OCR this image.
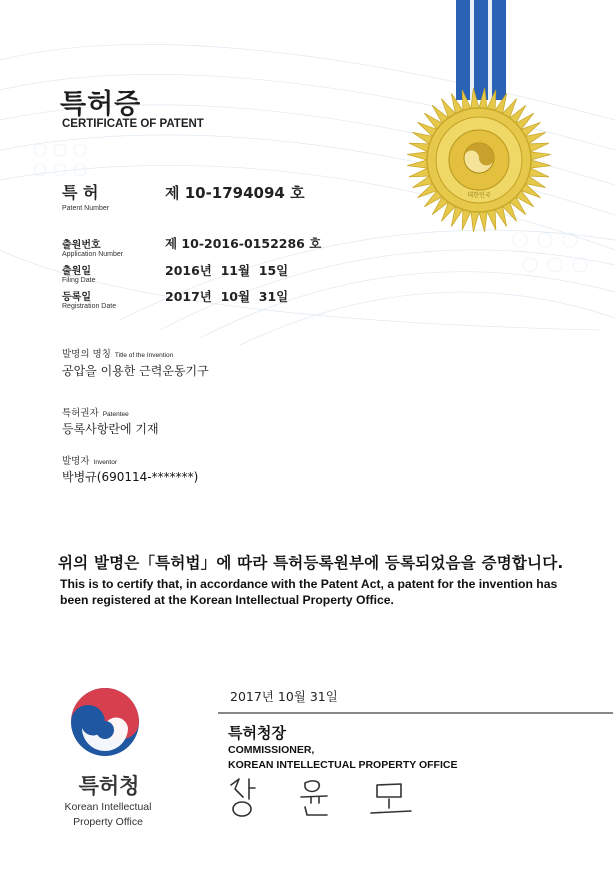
대한민국
특허증
CERTIFICATE OF PATENT
특 허
Patent Number
제 10-1794094 호
출원번호
Application Number
제 10-2016-0152286 호
출원일
Filing Date
2016년  11월  15일
등록일
Registration Date
2017년  10월  31일
발명의 명칭 Title of the Invention
공압을 이용한 근력운동기구
특허권자 Patentee
등록사항란에 기재
발명자 Inventor
박병규(690114-*******)
위의 발명은「특허법」에 따라 특허등록원부에 등록되었음을 증명합니다.
This is to certify that, in accordance with the Patent Act, a patent for the invention has been registered at the Korean Intellectual Property Office.
특허청
Korean Intellectual
Property Office
2017년 10월 31일
특허청장
COMMISSIONER,
KOREAN INTELLECTUAL PROPERTY OFFICE
